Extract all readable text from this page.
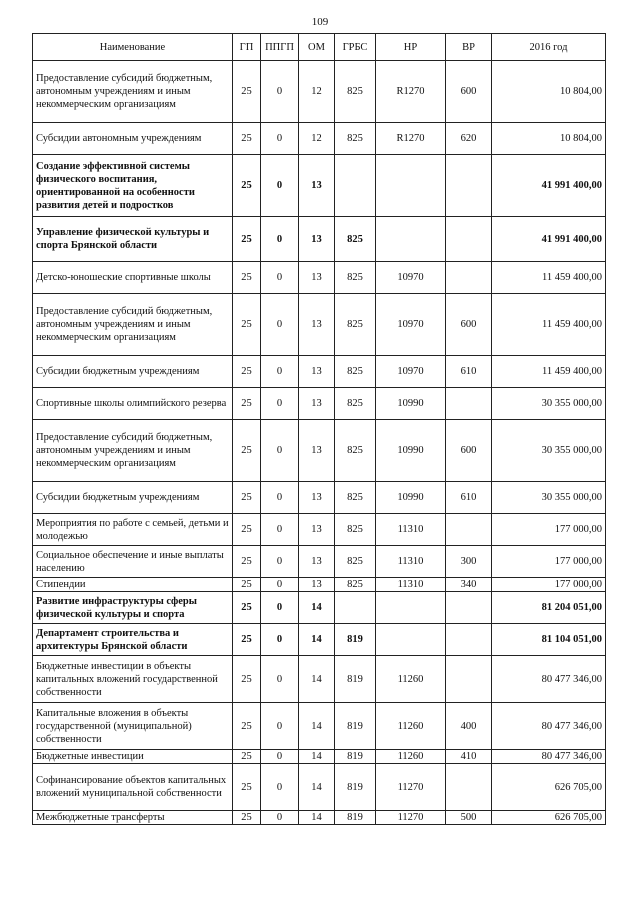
109
Наименование	ГП	ППГП	ОМ	ГРБС	НР	ВР	2016 год
Предоставление субсидий бюджетным, автономным учреждениям и иным некоммерческим организациям	25	0	12	825	R1270	600	10 804,00
Субсидии автономным учреждениям	25	0	12	825	R1270	620	10 804,00
Создание эффективной системы физического воспитания, ориентированной на особенности развития детей и подростков	25	0	13				41 991 400,00
Управление физической культуры и спорта Брянской области	25	0	13	825			41 991 400,00
Детско-юношеские спортивные школы	25	0	13	825	10970		11 459 400,00
Предоставление субсидий бюджетным, автономным учреждениям и иным некоммерческим организациям	25	0	13	825	10970	600	11 459 400,00
Субсидии бюджетным учреждениям	25	0	13	825	10970	610	11 459 400,00
Спортивные школы олимпийского резерва	25	0	13	825	10990		30 355 000,00
Предоставление субсидий бюджетным, автономным учреждениям и иным некоммерческим организациям	25	0	13	825	10990	600	30 355 000,00
Субсидии бюджетным учреждениям	25	0	13	825	10990	610	30 355 000,00
Мероприятия по работе с семьей, детьми и молодежью	25	0	13	825	11310		177 000,00
Социальное обеспечение и иные выплаты населению	25	0	13	825	11310	300	177 000,00
Стипендии	25	0	13	825	11310	340	177 000,00
Развитие инфраструктуры сферы физической культуры и спорта	25	0	14				81 204 051,00
Департамент строительства и архитектуры Брянской области	25	0	14	819			81 104 051,00
Бюджетные инвестиции в объекты капитальных вложений государственной собственности	25	0	14	819	11260		80 477 346,00
Капитальные вложения в объекты государственной (муниципальной) собственности	25	0	14	819	11260	400	80 477 346,00
Бюджетные инвестиции	25	0	14	819	11260	410	80 477 346,00
Софинансирование объектов капитальных вложений муниципальной собственности	25	0	14	819	11270		626 705,00
Межбюджетные трансферты	25	0	14	819	11270	500	626 705,00
